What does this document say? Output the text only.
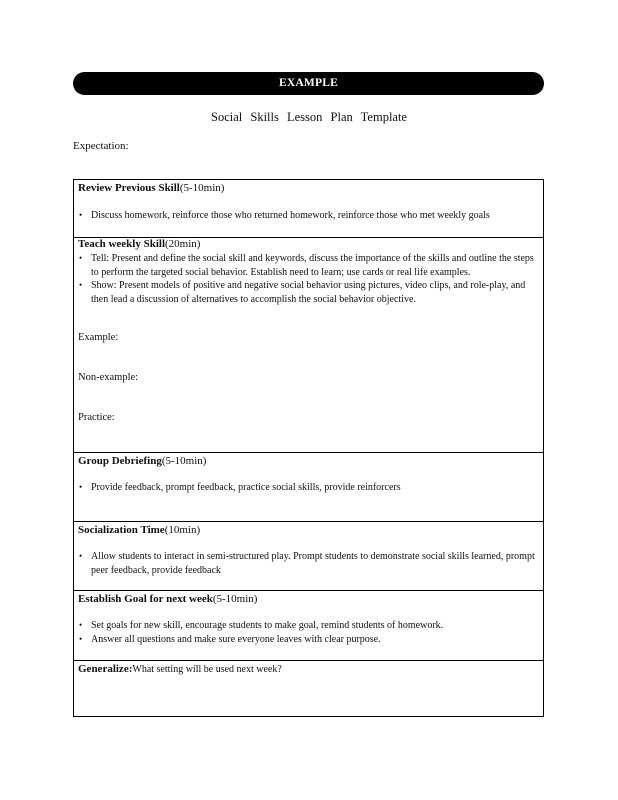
EXAMPLE
Social Skills Lesson Plan Template
Expectation:
Review Previous Skill(5-10min)
• Discuss homework, reinforce those who returned homework, reinforce those who met weekly goals
Teach weekly Skill(20min)
• Tell: Present and define the social skill and keywords, discuss the importance of the skills and outline the steps to perform the targeted social behavior. Establish need to learn; use cards or real life examples.
• Show: Present models of positive and negative social behavior using pictures, video clips, and role-play, and then lead a discussion of alternatives to accomplish the social behavior objective.
Example:
Non-example:
Practice:
Group Debriefing(5-10min)
• Provide feedback, prompt feedback, practice social skills, provide reinforcers
Socialization Time(10min)
• Allow students to interact in semi-structured play. Prompt students to demonstrate social skills learned, prompt peer feedback, provide feedback
Establish Goal for next week(5-10min)
• Set goals for new skill, encourage students to make goal, remind students of homework.
• Answer all questions and make sure everyone leaves with clear purpose.
Generalize:What setting will be used next week?
